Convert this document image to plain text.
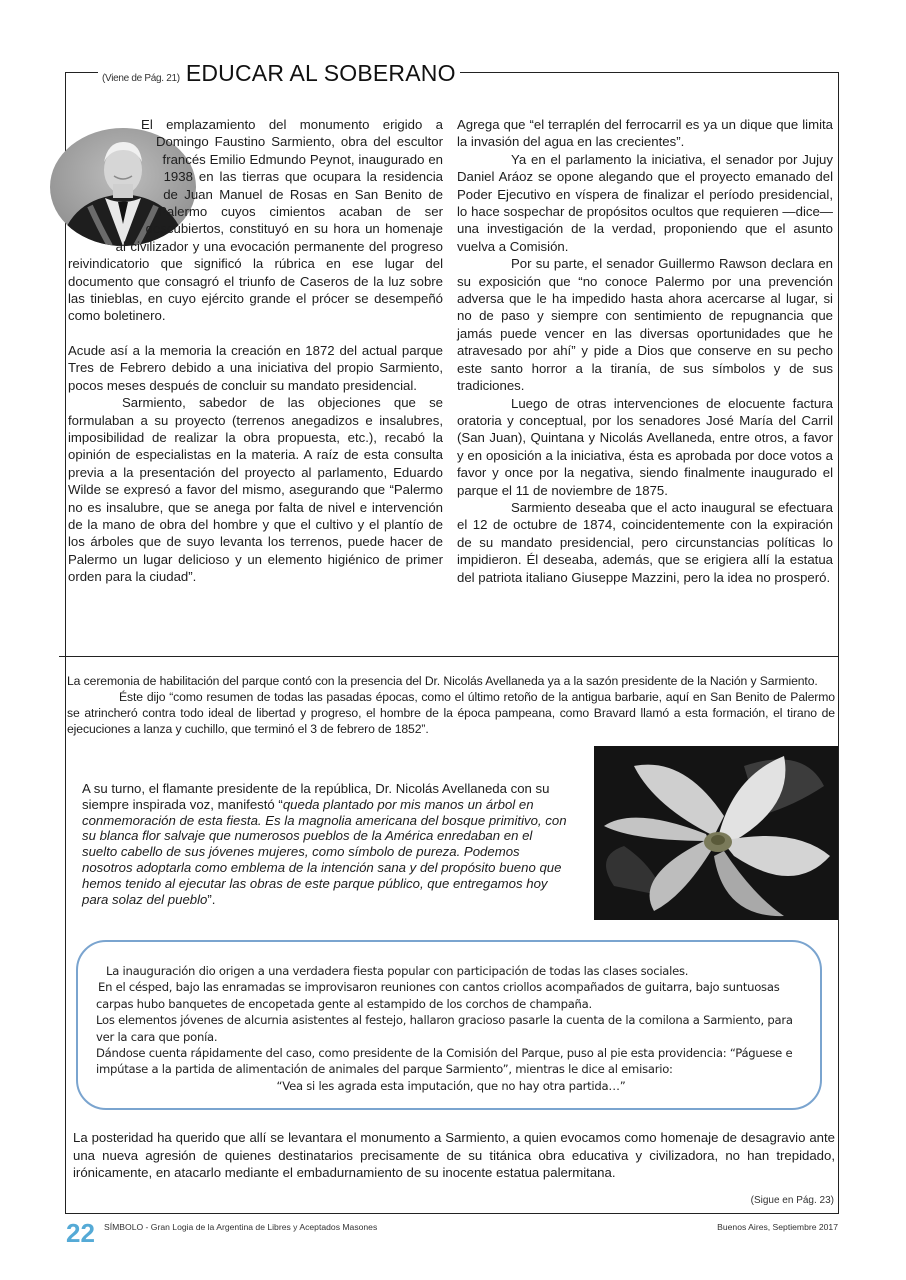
(Viene de Pág. 21) EDUCAR AL SOBERANO

El emplazamiento del monumento erigido a Domingo Faustino Sarmiento, obra del escultor francés Emilio Edmundo Peynot, inaugurado en 1938 en las tierras que ocupara la residencia de Juan Manuel de Rosas en San Benito de Palermo cuyos cimientos acaban de ser descubiertos, constituyó en su hora un homenaje al civilizador y una evocación permanente del progreso reivindicatorio que significó la rúbrica en ese lugar del documento que consagró el triunfo de Caseros de la luz sobre las tinieblas, en cuyo ejército grande el prócer se desempeñó como boletinero.

Acude así a la memoria la creación en 1872 del actual parque Tres de Febrero debido a una iniciativa del propio Sarmiento, pocos meses después de concluir su mandato presidencial.

Sarmiento, sabedor de las objeciones que se formulaban a su proyecto (terrenos anegadizos e insalubres, imposibilidad de realizar la obra propuesta, etc.), recabó la opinión de especialistas en la materia. A raíz de esta consulta previa a la presentación del proyecto al parlamento, Eduardo Wilde se expresó a favor del mismo, asegurando que “Palermo no es insalubre, que se anega por falta de nivel e intervención de la mano de obra del hombre y que el cultivo y el plantío de los árboles que de suyo levanta los terrenos, puede hacer de Palermo un lugar delicioso y un elemento higiénico de primer orden para la ciudad”.

Agrega que “el terraplén del ferrocarril es ya un dique que limita la invasión del agua en las crecientes”.

Ya en el parlamento la iniciativa, el senador por Jujuy Daniel Aráoz se opone alegando que el proyecto emanado del Poder Ejecutivo en víspera de finalizar el período presidencial, lo hace sospechar de propósitos ocultos que requieren —dice— una investigación de la verdad, proponiendo que el asunto vuelva a Comisión.

Por su parte, el senador Guillermo Rawson declara en su exposición que “no conoce Palermo por una prevención adversa que le ha impedido hasta ahora acercarse al lugar, si no de paso y siempre con sentimiento de repugnancia que jamás puede vencer en las diversas oportunidades que he atravesado por ahí” y pide a Dios que conserve en su pecho este santo horror a la tiranía, de sus símbolos y de sus tradiciones.

Luego de otras intervenciones de elocuente factura oratoria y conceptual, por los senadores José María del Carril (San Juan), Quintana y Nicolás Avellaneda, entre otros, a favor y en oposición a la iniciativa, ésta es aprobada por doce votos a favor y once por la negativa, siendo finalmente inaugurado el parque el 11 de noviembre de 1875.

Sarmiento deseaba que el acto inaugural se efectuara el 12 de octubre de 1874, coincidentemente con la expiración de su mandato presidencial, pero circunstancias políticas lo impidieron. Él deseaba, además, que se erigiera allí la estatua del patriota italiano Giuseppe Mazzini, pero la idea no prosperó.

La ceremonia de habilitación del parque contó con la presencia del Dr. Nicolás Avellaneda ya a la sazón presidente de la Nación y Sarmiento.

Éste dijo “como resumen de todas las pasadas épocas, como el último retoño de la antigua barbarie, aquí en San Benito de Palermo se atrincheró contra todo ideal de libertad y progreso, el hombre de la época pampeana, como Bravard llamó a esta formación, el tirano de ejecuciones a lanza y cuchillo, que terminó el 3 de febrero de 1852”.

A su turno, el flamante presidente de la república, Dr. Nicolás Avellaneda con su siempre inspirada voz, manifestó “queda plantado por mis manos un árbol en conmemoración de esta fiesta. Es la magnolia americana del bosque primitivo, con su blanca flor salvaje que numerosos pueblos de la América enredaban en el suelto cabello de sus jóvenes mujeres, como símbolo de pureza. Podemos nosotros adoptarla como emblema de la intención sana y del propósito bueno que hemos tenido al ejecutar las obras de este parque público, que entregamos hoy para solaz del pueblo”.

La inauguración dio origen a una verdadera fiesta popular con participación de todas las clases sociales.

En el césped, bajo las enramadas se improvisaron reuniones con cantos criollos acompañados de guitarra, bajo suntuosas carpas hubo banquetes de encopetada gente al estampido de los corchos de champaña.

Los elementos jóvenes de alcurnia asistentes al festejo, hallaron gracioso pasarle la cuenta de la comilona a Sarmiento, para ver la cara que ponía.

Dándose cuenta rápidamente del caso, como presidente de la Comisión del Parque, puso al pie esta providencia: “Páguese e impútase a la partida de alimentación de animales del parque Sarmiento”, mientras le dice al emisario:

“Vea si les agrada esta imputación, que no hay otra partida…”

La posteridad ha querido que allí se levantara el monumento a Sarmiento, a quien evocamos como homenaje de desagravio ante una nueva agresión de quienes destinatarios precisamente de su titánica obra educativa y civilizadora, no han trepidado, irónicamente, en atacarlo mediante el embadurnamiento de su inocente estatua palermitana.
(Sigue en Pág. 23)
22 SÍMBOLO - Gran Logia de la Argentina de Libres y Aceptados Masones	Buenos Aires, Septiembre 2017
